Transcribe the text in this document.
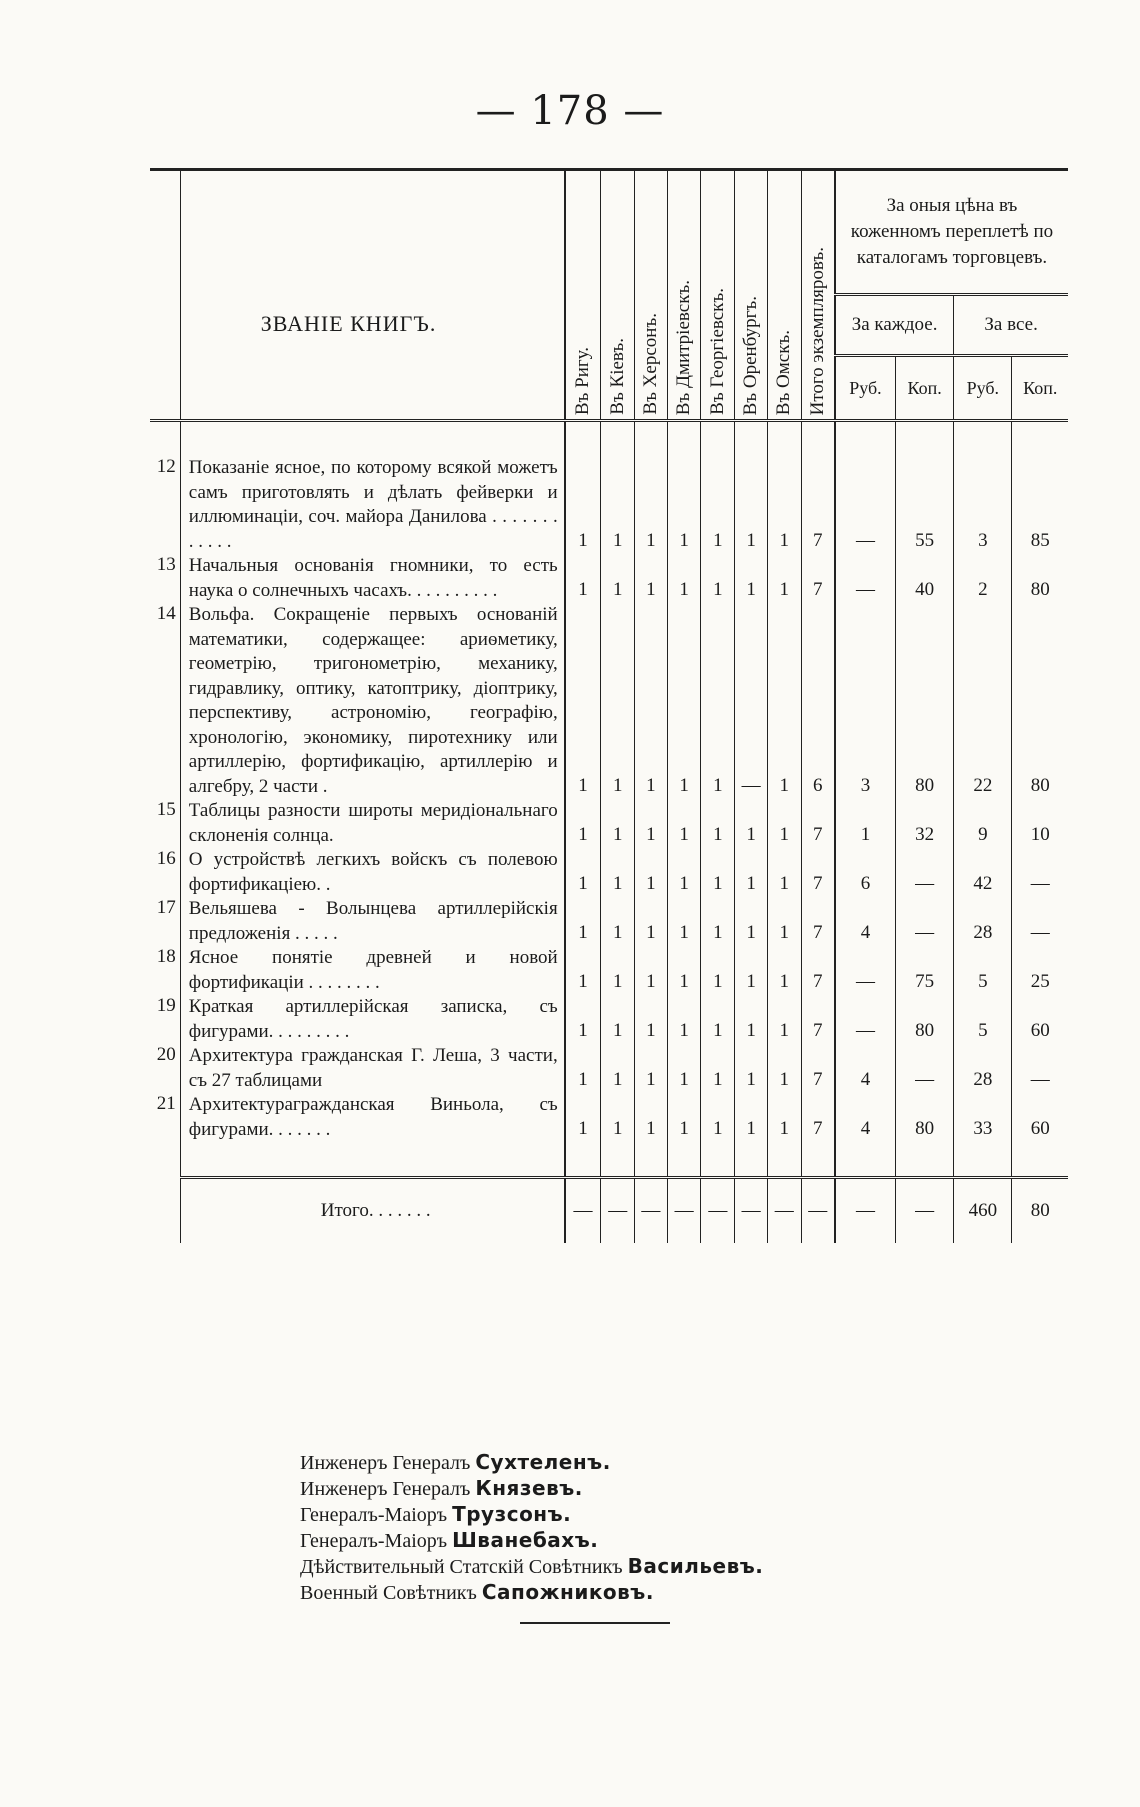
— 178 —
	ЗВАНІЕ КНИГЪ.	Въ Ригу.	Въ Кіевъ.	Въ Херсонъ.	Въ Дмитріевскъ.	Въ Георгіевскъ.	Въ Оренбургъ.	Въ Омскъ.	Итого экземпляровъ.	За оныя цѣна въ коженномъ переплетѣ по каталогамъ торговцевъ.			
										За каждое.		За все.	
										Руб.	Коп.	Руб.	Коп.

12	Показаніе ясное, по которому всякой можетъ самъ приготовлять и дѣлать фейверки и иллюминаціи, соч. майора Данилова . . . . . . . . . . . .	1	1	1	1	1	1	1	7	—	55	3	85
13	Начальныя основанія гномники, то есть наука о солнечныхъ часахъ. . . . . . . . . .	1	1	1	1	1	1	1	7	—	40	2	80
14	Вольфа. Сокращеніе первыхъ основаній математики, содержащее: ариѳметику, геометрію, тригонометрію, механику, гидравлику, оптику, катоптрику, діоптрику, перспективу, астрономію, географію, хронологію, экономику, пиротехнику или артиллерію, фортификацію, артиллерію и алгебру, 2 части .	1	1	1	1	1	—	1	6	3	80	22	80
15	Таблицы разности широты меридіональнаго склоненія солнца.	1	1	1	1	1	1	1	7	1	32	9	10
16	О устройствѣ легкихъ войскъ съ полевою фортификаціею. .	1	1	1	1	1	1	1	7	6	—	42	—
17	Вельяшева - Волынцева артиллерійскія предложенія . . . . .	1	1	1	1	1	1	1	7	4	—	28	—
18	Ясное понятіе древней и новой фортификаціи . . . . . . . .	1	1	1	1	1	1	1	7	—	75	5	25
19	Краткая артиллерійская записка, съ фигурами. . . . . . . . .	1	1	1	1	1	1	1	7	—	80	5	60
20	Архитектура гражданская Г. Леша, 3 части, съ 27 таблицами	1	1	1	1	1	1	1	7	4	—	28	—
21	Архитектурагражданская Виньола, съ фигурами. . . . . . .	1	1	1	1	1	1	1	7	4	80	33	60

	Итого. . . . . . .	—	—	—	—	—	—	—	—	—	—	460	80
Инженеръ Генералъ Сухтеленъ.
Инженеръ Генералъ Князевъ.
Генералъ-Маіоръ Трузсонъ.
Генералъ-Маіоръ Шванебахъ.
Дѣйствительный Статскій Совѣтникъ Васильевъ.
Военный Совѣтникъ Сапожниковъ.
